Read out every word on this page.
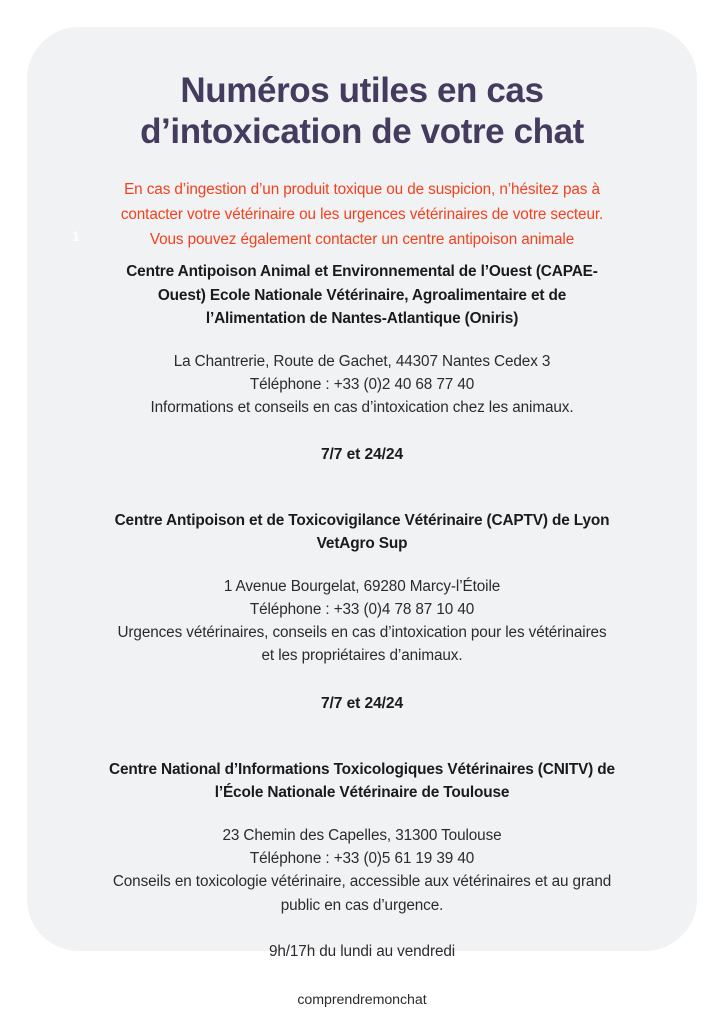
Numéros utiles en cas
d’intoxication de votre chat

En cas d’ingestion d’un produit toxique ou de suspicion, n’hésitez pas à
contacter votre vétérinaire ou les urgences vétérinaires de votre secteur.
Vous pouvez également contacter un centre antipoison animale

Centre Antipoison Animal et Environnemental de l’Ouest (CAPAE-
Ouest) Ecole Nationale Vétérinaire, Agroalimentaire et de
l’Alimentation de Nantes-Atlantique (Oniris)
La Chantrerie, Route de Gachet, 44307 Nantes Cedex 3
Téléphone : +33 (0)2 40 68 77 40
Informations et conseils en cas d’intoxication chez les animaux.
7/7 et 24/24
Centre Antipoison et de Toxicovigilance Vétérinaire (CAPTV) de Lyon
VetAgro Sup
1 Avenue Bourgelat, 69280 Marcy-l’Étoile
Téléphone : +33 (0)4 78 87 10 40
Urgences vétérinaires, conseils en cas d’intoxication pour les vétérinaires
et les propriétaires d’animaux.
7/7 et 24/24
Centre National d’Informations Toxicologiques Vétérinaires (CNITV) de
l’École Nationale Vétérinaire de Toulouse
23 Chemin des Capelles, 31300 Toulouse
Téléphone : +33 (0)5 61 19 39 40
Conseils en toxicologie vétérinaire, accessible aux vétérinaires et au grand
public en cas d’urgence.
9h/17h du lundi au vendredi
comprendremonchat
1
